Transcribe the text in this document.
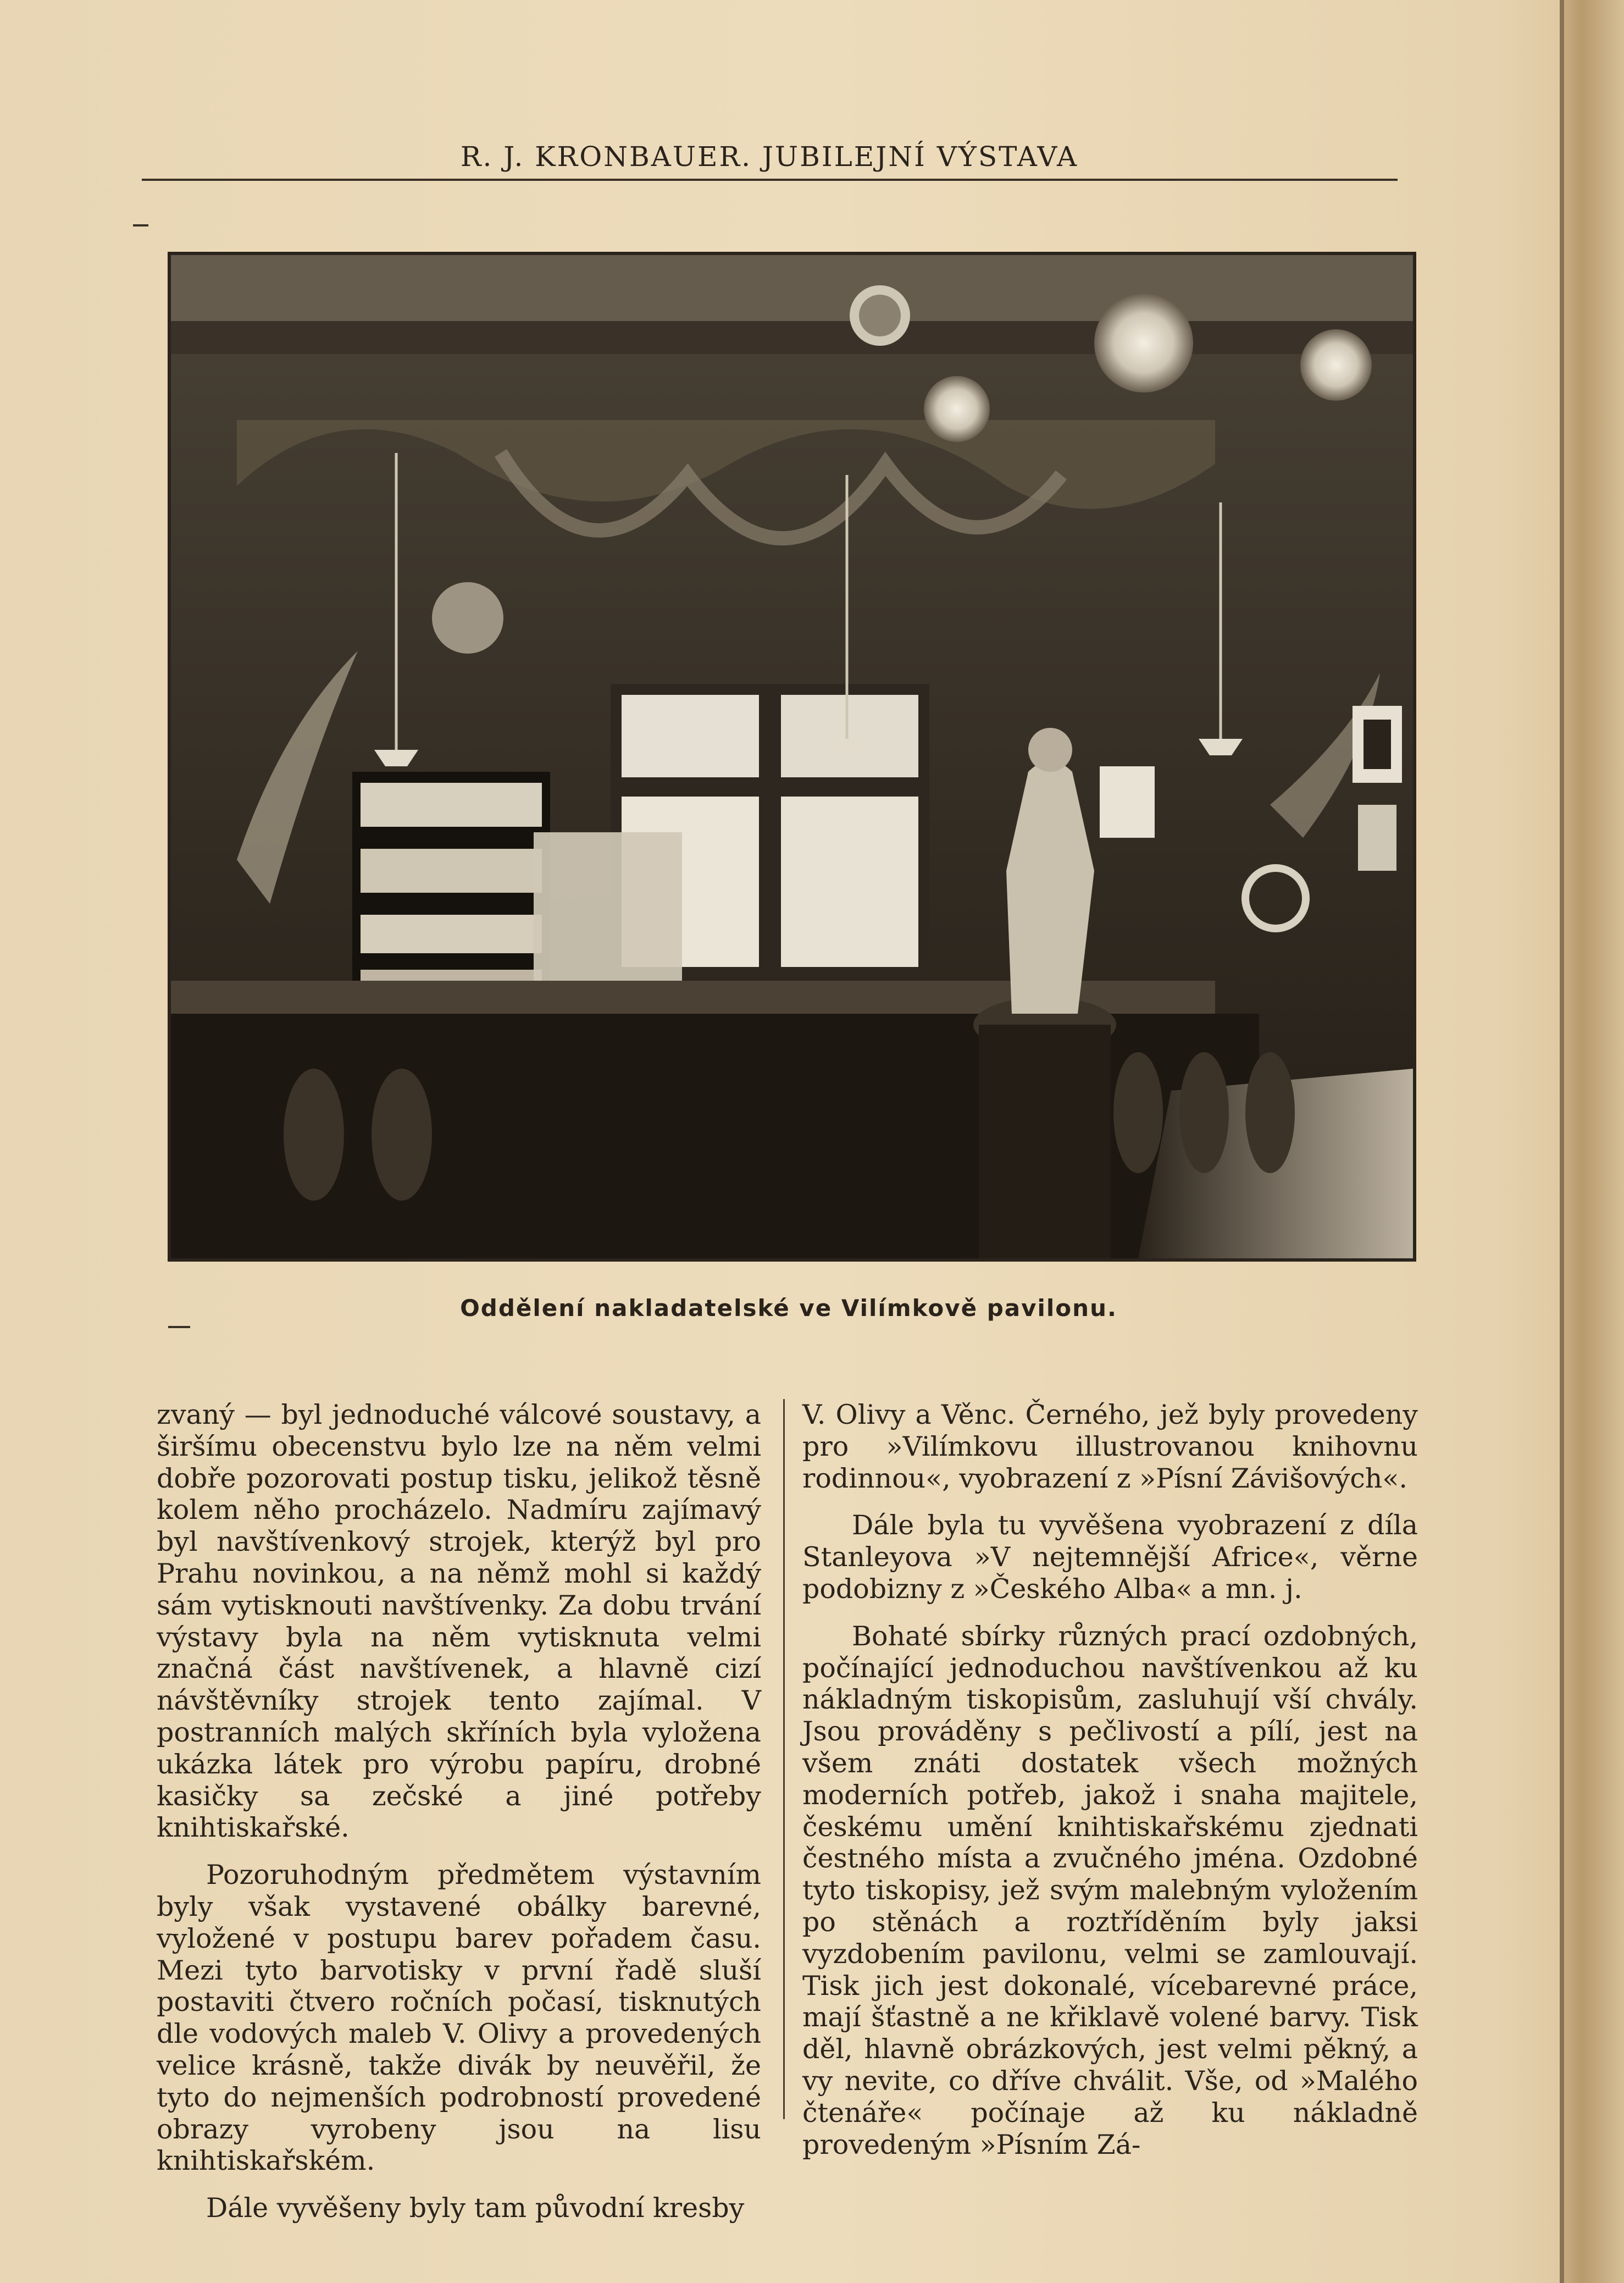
R. J. KRONBAUER. JUBILEJNÍ VÝSTAVA
Oddělení nakladatelské ve Vilímkově pavilonu.

zvaný — byl jednoduché válcové soustavy, a širšímu obecenstvu bylo lze na něm velmi dobře pozorovati postup tisku, jelikož těsně kolem něho procházelo. Nadmíru zajímavý byl navštívenkový strojek, kterýž byl pro Prahu novinkou, a na němž mohl si každý sám vytisknouti navštívenky. Za dobu trvání výstavy byla na něm vytisknuta velmi značná část navštívenek, a hlavně cizí návštěvníky strojek tento zajímal. V postranních malých skříních byla vyložena ukázka látek pro výrobu papíru, drobné kasičky sa zečské a jiné potřeby knihtiskařské.

Pozoruhodným předmětem výstavním byly však vystavené obálky barevné, vyložené v postupu barev pořadem času. Mezi tyto barvotisky v první řadě sluší postaviti čtvero ročních počasí, tisknutých dle vodových maleb V. Olivy a provedených velice krásně, takže divák by neuvěřil, že tyto do nejmenších podrobností provedené obrazy vyrobeny jsou na lisu knihtiskařském.

Dále vyvěšeny byly tam původní kresby

V. Olivy a Věnc. Černého, jež byly provedeny pro »Vilímkovu illustrovanou knihovnu rodinnou«, vyobrazení z »Písní Závišových«.

Dále byla tu vyvěšena vyobrazení z díla Stanleyova »V nejtemnější Africe«, věrne podobizny z »Českého Alba« a mn. j.

Bohaté sbírky různých prací ozdobných, počínající jednoduchou navštívenkou až ku nákladným tiskopisům, zasluhují vší chvály. Jsou prováděny s pečlivostí a pílí, jest na všem znáti dostatek všech možných moderních potřeb, jakož i snaha majitele, českému umění knihtiskařskému zjednati čestného místa a zvučného jména. Ozdobné tyto tiskopisy, jež svým malebným vyložením po stěnách a roztříděním byly jaksi vyzdobením pavilonu, velmi se zamlouvají. Tisk jich jest dokonalé, vícebarevné práce, mají šťastně a ne křiklavě volené barvy. Tisk děl, hlavně obrázkových, jest velmi pěkný, a vy nevite, co dříve chválit. Vše, od »Malého čtenáře« počínaje až ku nákladně provedeným »Písním Zá-
